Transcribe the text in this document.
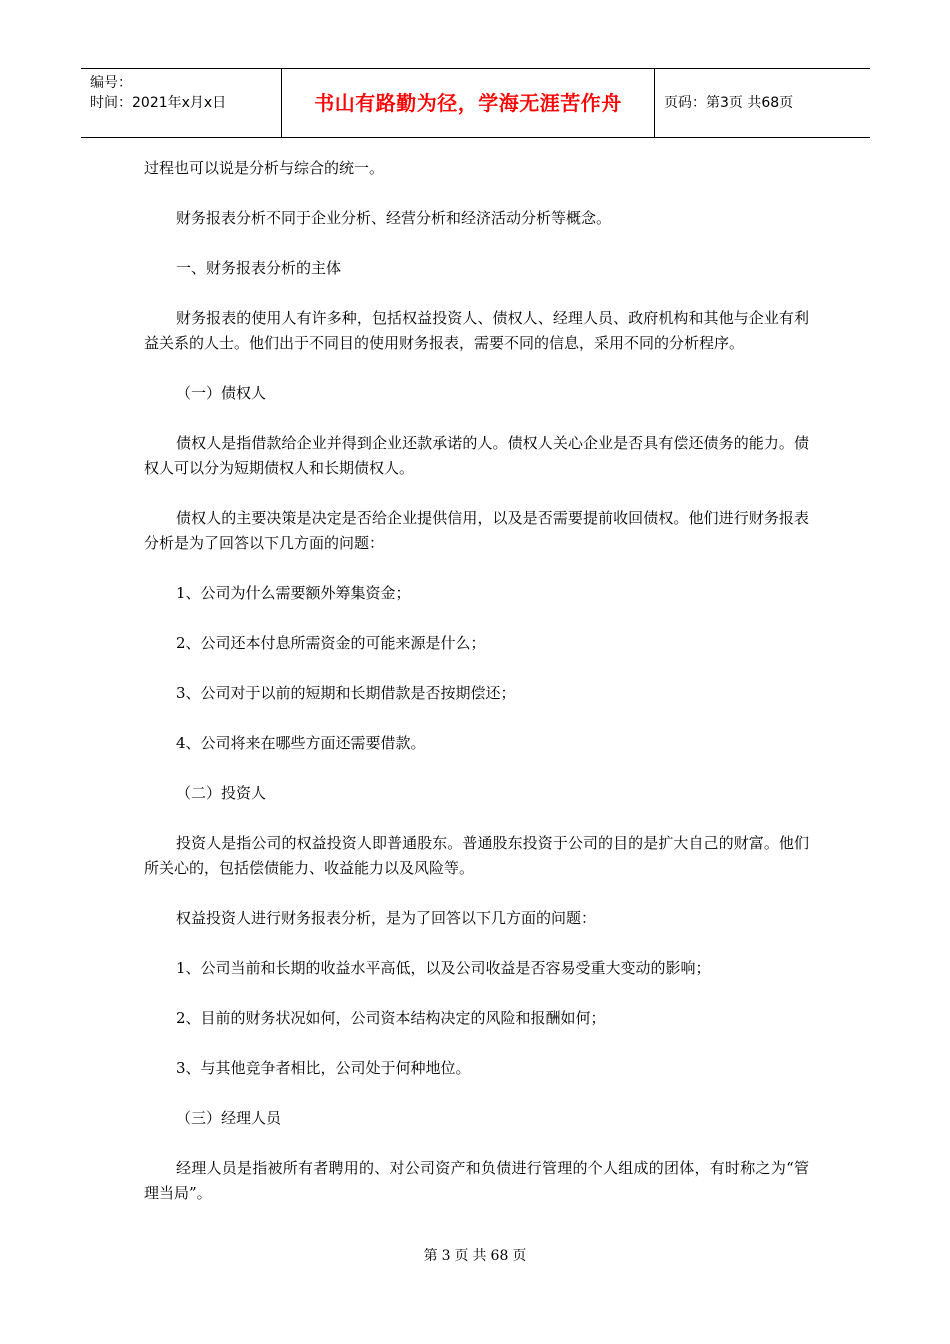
编号：
时间：2021年x月x日	书山有路勤为径，学海无涯苦作舟	页码：第3页 共68页

过程也可以说是分析与综合的统一。

财务报表分析不同于企业分析、经营分析和经济活动分析等概念。

一、财务报表分析的主体

财务报表的使用人有许多种，包括权益投资人、债权人、经理人员、政府机构和其他与企业有利益关系的人士。他们出于不同目的使用财务报表，需要不同的信息，采用不同的分析程序。

（一）债权人

债权人是指借款给企业并得到企业还款承诺的人。债权人关心企业是否具有偿还债务的能力。债权人可以分为短期债权人和长期债权人。

债权人的主要决策是决定是否给企业提供信用，以及是否需要提前收回债权。他们进行财务报表分析是为了回答以下几方面的问题：

1、公司为什么需要额外筹集资金；

2、公司还本付息所需资金的可能来源是什么；

3、公司对于以前的短期和长期借款是否按期偿还；

4、公司将来在哪些方面还需要借款。

（二）投资人

投资人是指公司的权益投资人即普通股东。普通股东投资于公司的目的是扩大自己的财富。他们所关心的，包括偿债能力、收益能力以及风险等。

权益投资人进行财务报表分析，是为了回答以下几方面的问题：

1、公司当前和长期的收益水平高低，以及公司收益是否容易受重大变动的影响；

2、目前的财务状况如何，公司资本结构决定的风险和报酬如何；

3、与其他竞争者相比，公司处于何种地位。

（三）经理人员

经理人员是指被所有者聘用的、对公司资产和负债进行管理的个人组成的团体，有时称之为“管理当局”。

第 3 页 共 68 页
